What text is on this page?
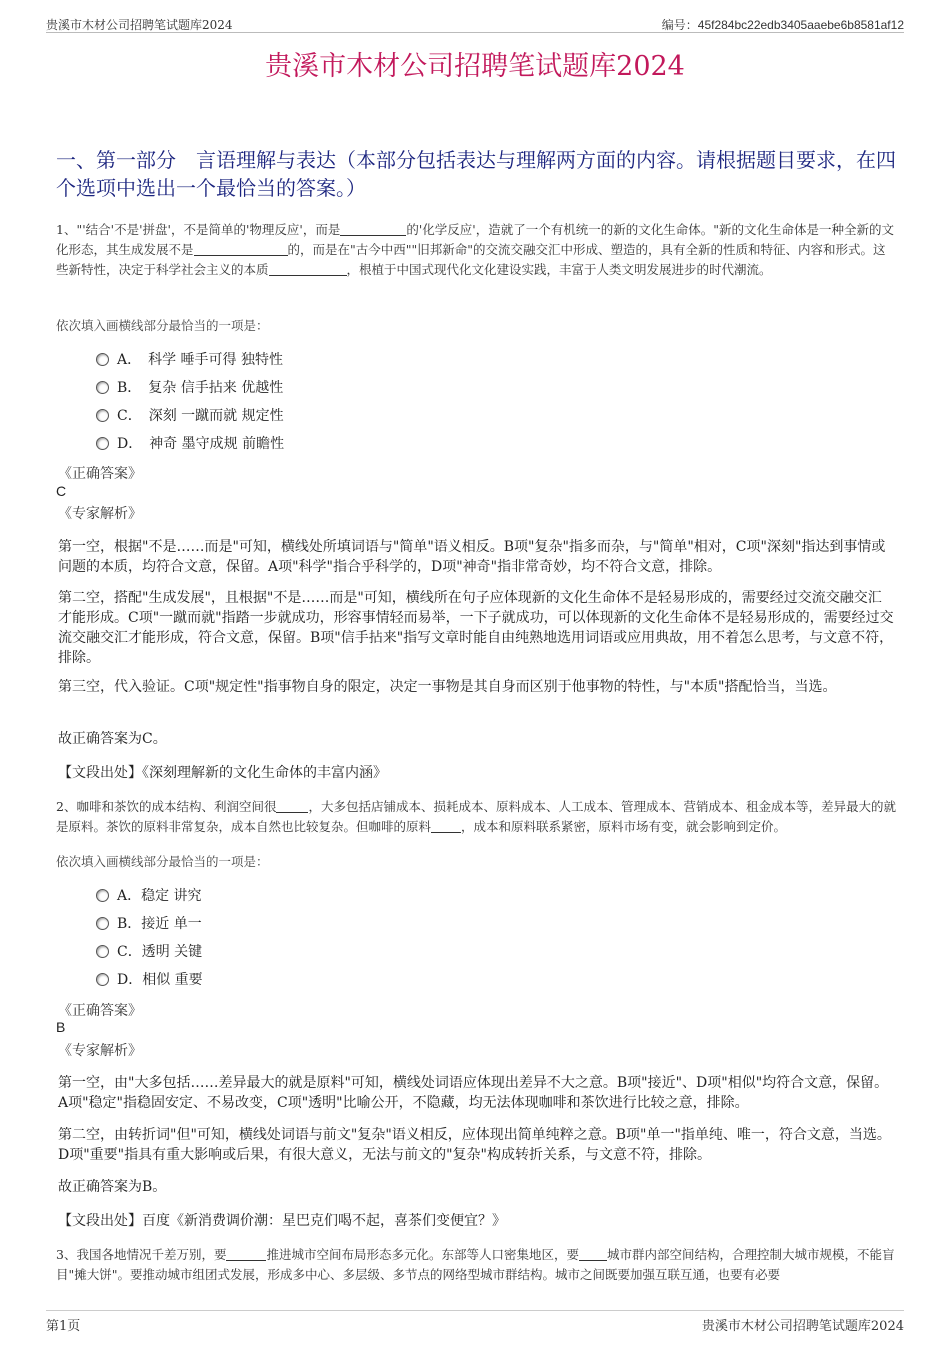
贵溪市木材公司招聘笔试题库2024	编号：45f284bc22edb3405aaebe6b8581af12
贵溪市木材公司招聘笔试题库2024
一、第一部分　言语理解与表达（本部分包括表达与理解两方面的内容。请根据题目要求，在四个选项中选出一个最恰当的答案。）
1、"'结合'不是'拼盘'，不是简单的'物理反应'，而是	的'化学反应'，造就了一个有机统一的新的文化生命体。"新的文化生命体是一种全新的文化形态，其生成发展不是	的，而是在"古今中西""旧邦新命"的交流交融交汇中形成、塑造的，具有全新的性质和特征、内容和形式。这些新特性，决定于科学社会主义的本质	，根植于中国式现代化文化建设实践，丰富于人类文明发展进步的时代潮流。
依次填入画横线部分最恰当的一项是：
A．　科学 唾手可得 独特性
B．　复杂 信手拈来 优越性
C．　深刻 一蹴而就 规定性
D．　神奇 墨守成规 前瞻性
《正确答案》
C
《专家解析》
第一空，根据"不是……而是"可知，横线处所填词语与"简单"语义相反。B项"复杂"指多而杂，与"简单"相对，C项"深刻"指达到事情或问题的本质，均符合文意，保留。A项"科学"指合乎科学的，D项"神奇"指非常奇妙，均不符合文意，排除。
第二空，搭配"生成发展"，且根据"不是……而是"可知，横线所在句子应体现新的文化生命体不是轻易形成的，需要经过交流交融交汇才能形成。C项"一蹴而就"指踏一步就成功，形容事情轻而易举，一下子就成功，可以体现新的文化生命体不是轻易形成的，需要经过交流交融交汇才能形成，符合文意，保留。B项"信手拈来"指写文章时能自由纯熟地选用词语或应用典故，用不着怎么思考，与文意不符，排除。
第三空，代入验证。C项"规定性"指事物自身的限定，决定一事物是其自身而区别于他事物的特性，与"本质"搭配恰当，当选。
故正确答案为C。
【文段出处】《深刻理解新的文化生命体的丰富内涵》
2、咖啡和茶饮的成本结构、利润空间很	，大多包括店铺成本、损耗成本、原料成本、人工成本、管理成本、营销成本、租金成本等，差异最大的就是原料。茶饮的原料非常复杂，成本自然也比较复杂。但咖啡的原料 ，成本和原料联系紧密，原料市场有变，就会影响到定价。
依次填入画横线部分最恰当的一项是：
A．稳定 讲究
B．接近 单一
C．透明 关键
D．相似 重要
《正确答案》
B
《专家解析》
第一空，由"大多包括……差异最大的就是原料"可知，横线处词语应体现出差异不大之意。B项"接近"、D项"相似"均符合文意，保留。A项"稳定"指稳固安定、不易改变，C项"透明"比喻公开，不隐藏，均无法体现咖啡和茶饮进行比较之意，排除。
第二空，由转折词"但"可知，横线处词语与前文"复杂"语义相反，应体现出简单纯粹之意。B项"单一"指单纯、唯一，符合文意，当选。D项"重要"指具有重大影响或后果，有很大意义，无法与前文的"复杂"构成转折关系，与文意不符，排除。
故正确答案为B。
【文段出处】百度《新消费调价潮：星巴克们喝不起，喜茶们变便宜？》
3、我国各地情况千差万别，要	推进城市空间布局形态多元化。东部等人口密集地区，要 城市群内部空间结构，合理控制大城市规模，不能盲目"摊大饼"。要推动城市组团式发展，形成多中心、多层级、多节点的网络型城市群结构。城市之间既要加强互联互通，也要有必要
第1页	贵溪市木材公司招聘笔试题库2024
